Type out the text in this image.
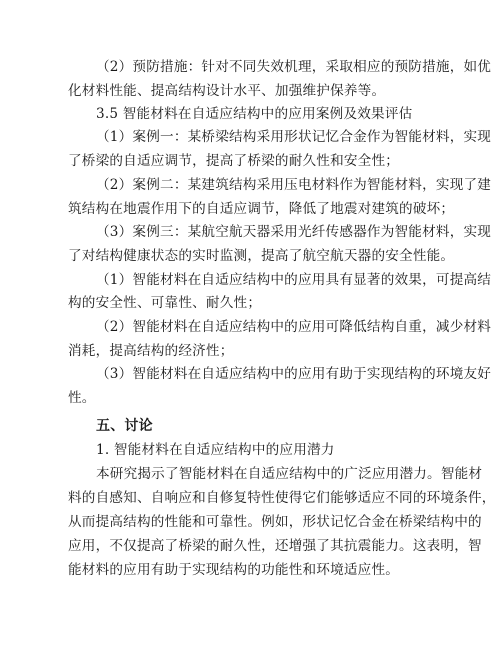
（2）预防措施：针对不同失效机理，采取相应的预防措施，如优
化材料性能、提高结构设计水平、加强维护保养等。
3.5 智能材料在自适应结构中的应用案例及效果评估
（1）案例一：某桥梁结构采用形状记忆合金作为智能材料，实现
了桥梁的自适应调节，提高了桥梁的耐久性和安全性；
（2）案例二：某建筑结构采用压电材料作为智能材料，实现了建
筑结构在地震作用下的自适应调节，降低了地震对建筑的破坏；
（3）案例三：某航空航天器采用光纤传感器作为智能材料，实现
了对结构健康状态的实时监测，提高了航空航天器的安全性能。
（1）智能材料在自适应结构中的应用具有显著的效果，可提高结
构的安全性、可靠性、耐久性；
（2）智能材料在自适应结构中的应用可降低结构自重，减少材料
消耗，提高结构的经济性；
（3）智能材料在自适应结构中的应用有助于实现结构的环境友好
性。
五、讨论
1. 智能材料在自适应结构中的应用潜力
本研究揭示了智能材料在自适应结构中的广泛应用潜力。智能材
料的自感知、自响应和自修复特性使得它们能够适应不同的环境条件，
从而提高结构的性能和可靠性。例如，形状记忆合金在桥梁结构中的
应用，不仅提高了桥梁的耐久性，还增强了其抗震能力。这表明，智
能材料的应用有助于实现结构的功能性和环境适应性。
